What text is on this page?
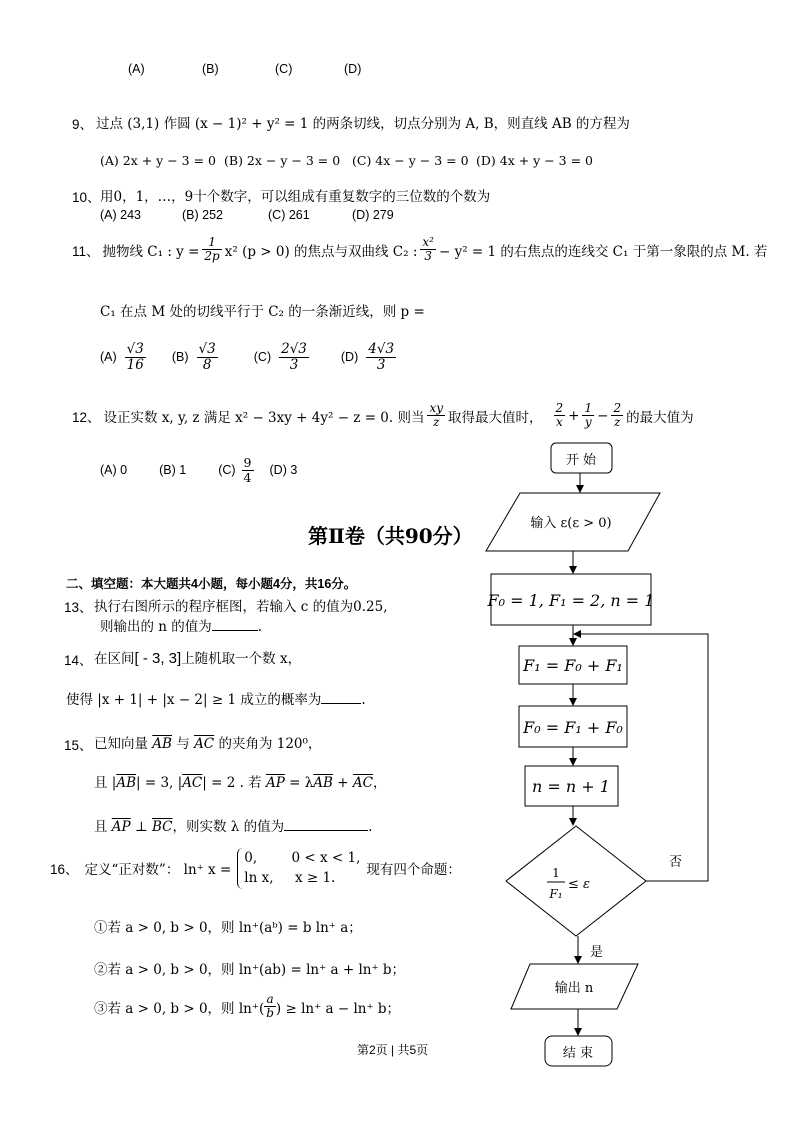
(A)	(B)	(C)	(D)
9、 过点 (3,1) 作圆 (x − 1)² + y² = 1 的两条切线，切点分别为 A, B，则直线 AB 的方程为
(A) 2x + y − 3 = 0 (B) 2x − y − 3 = 0 (C) 4x − y − 3 = 0 (D) 4x + y − 3 = 0
10、 用0，1，…，9十个数字，可以组成有重复数字的三位数的个数为
(A) 243	(B) 252	(C) 261	(D) 279
11、 抛物线 C₁ : $y = \frac{1}{2p} x^2$ (p > 0) 的焦点与双曲线 C₂ : $\frac{\text{x²}}{3} - y^2 = 1$ 的右焦点的连线交 C₁ 于第一象限的点 M. 若
C₁ 在点 M 处的切线平行于 C₂ 的一条渐近线，则 p =
$(A) \frac{√3}{16} (B) \frac{√3}{8}$	$(C) \frac{2√3}{3}$	$(D) \frac{4√3}{3}$
12、 设正实数 x, y, z 满足 x² − 3xy + 4y² − z = 0. 则当 $\frac{xy}{z}$ 取得最大值时， $\frac{2}{x} + \frac{1}{y} - \frac{2}{z}$ 的最大值为
(A) 0	(B) 1	$(C) \frac{9}{4} (D)$ 3
第Ⅱ卷（共90分）
二、填空题：本大题共4小题，每小题4分，共16分。
13、 执行右图所示的程序框图，若输入 c 的值为0.25,
则输出的 n 的值为	.
14、 在区间[ - 3, 3]上随机取一个数 x，
使得 |x + 1| + |x − 2| ≥ 1 成立的概率为	.
15、 已知向量 $\overline{AB}$ 与 $\overline{AC}$ 的夹角为 120⁰，
且 $|\overline{AB}| = 3$, $|\overline{AC}| = 2$ . 若 $\overline{AP} = \lambda\overline{AB} + \overline{AC}$，
且 $\overline{AP}$ ⊥ $\overline{BC}$，则实数 λ 的值为	.
16、 定义“正对数”： ln⁺ x =
0,        0 < x < 1,
ln x,     x ≥ 1.	现有四个命题：
①若 a > 0, b > 0，则 ln⁺(aᵇ) = b ln⁺ a；
②若 a > 0, b > 0，则 ln⁺(ab) = ln⁺ a + ln⁺ b；
③若 a > 0, b > 0，则 $\ln^+( \frac{a}{b}$ ) ≥ ln⁺ a − ln⁺ b；
开 始
输入 ε(ε > 0)
F₀ = 1, F₁ = 2, n = 1
F₁ = F₀ + F₁
F₀ = F₁ + F₀
n = n + 1
1
F₁
≤ ε
否
是
输出 n
结 束
第2页 | 共5页
